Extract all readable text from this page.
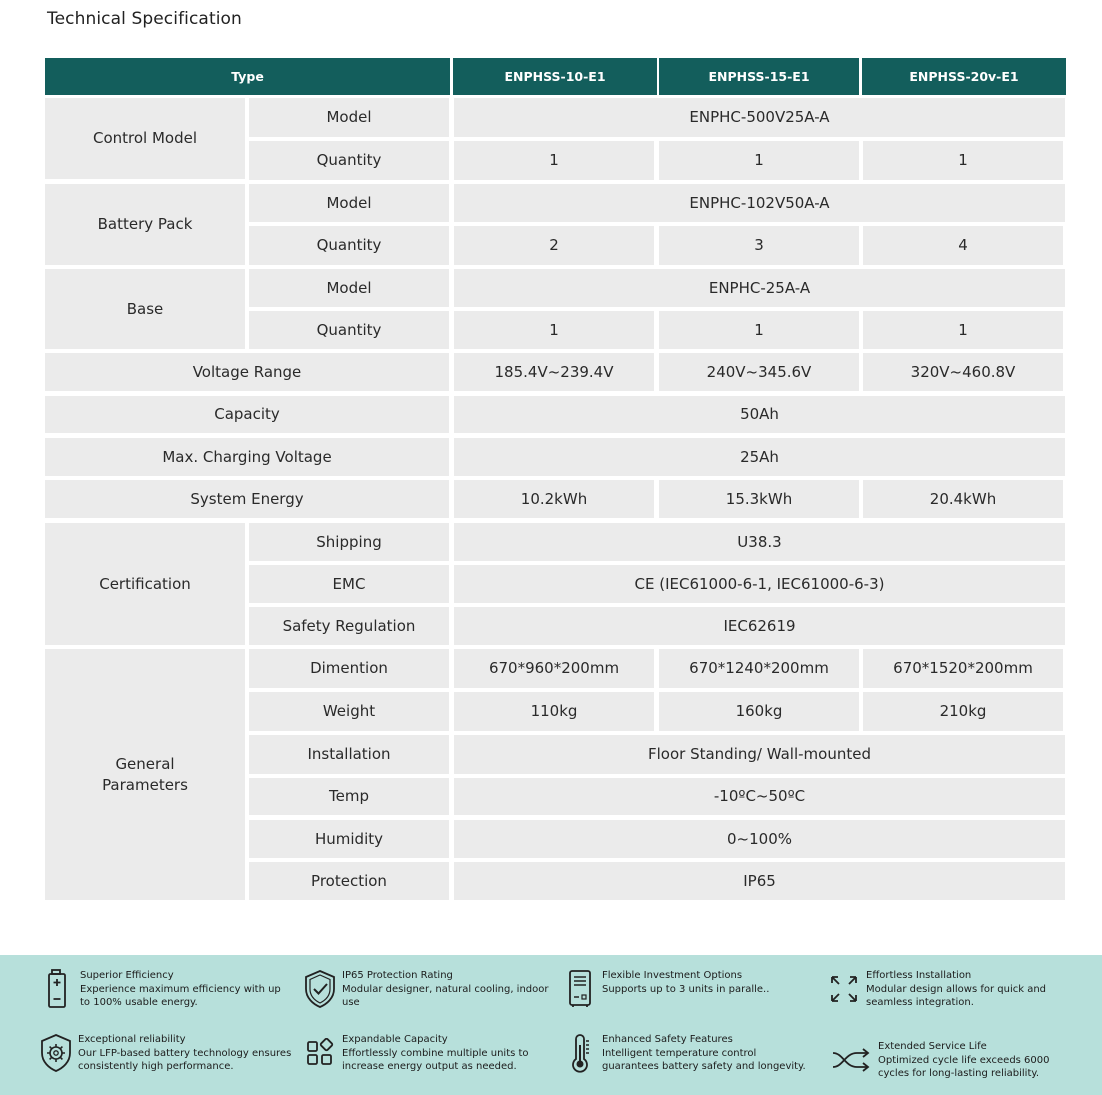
Technical Specification
Type	ENPHSS-10-E1	ENPHSS-15-E1	ENPHSS-20v-E1
Control Model
Model	ENPHC-500V25A-A
Quantity	1	1	1
Battery Pack
Model	ENPHC-102V50A-A
Quantity	2	3	4
Base
Model	ENPHC-25A-A
Quantity	1	1	1
Voltage Range	185.4V~239.4V	240V~345.6V	320V~460.8V
Capacity	50Ah
Max. Charging Voltage	25Ah
System Energy	10.2kWh	15.3kWh	20.4kWh
Certification
Shipping	U38.3
EMC	CE (IEC61000-6-1, IEC61000-6-3)
Safety Regulation	IEC62619
General
Parameters
Dimention	670*960*200mm	670*1240*200mm	670*1520*200mm
Weight	110kg	160kg	210kg
Installation	Floor Standing/ Wall-mounted
Temp	-10ºC~50ºC
Humidity	0~100%
Protection	IP65
Superior Efficiency
Experience maximum efficiency with up
to 100% usable energy.
IP65 Protection Rating
Modular designer, natural cooling, indoor
use
Flexible Investment Options
Supports up to 3 units in paralle..
Effortless Installation
Modular design allows for quick and
seamless integration.
Exceptional reliability
Our LFP-based battery technology ensures
consistently high performance.
Expandable Capacity
Effortlessly combine multiple units to
increase energy output as needed.
Enhanced Safety Features
Intelligent temperature control
guarantees battery safety and longevity.
Extended Service Life
Optimized cycle life exceeds 6000
cycles for long-lasting reliability.
